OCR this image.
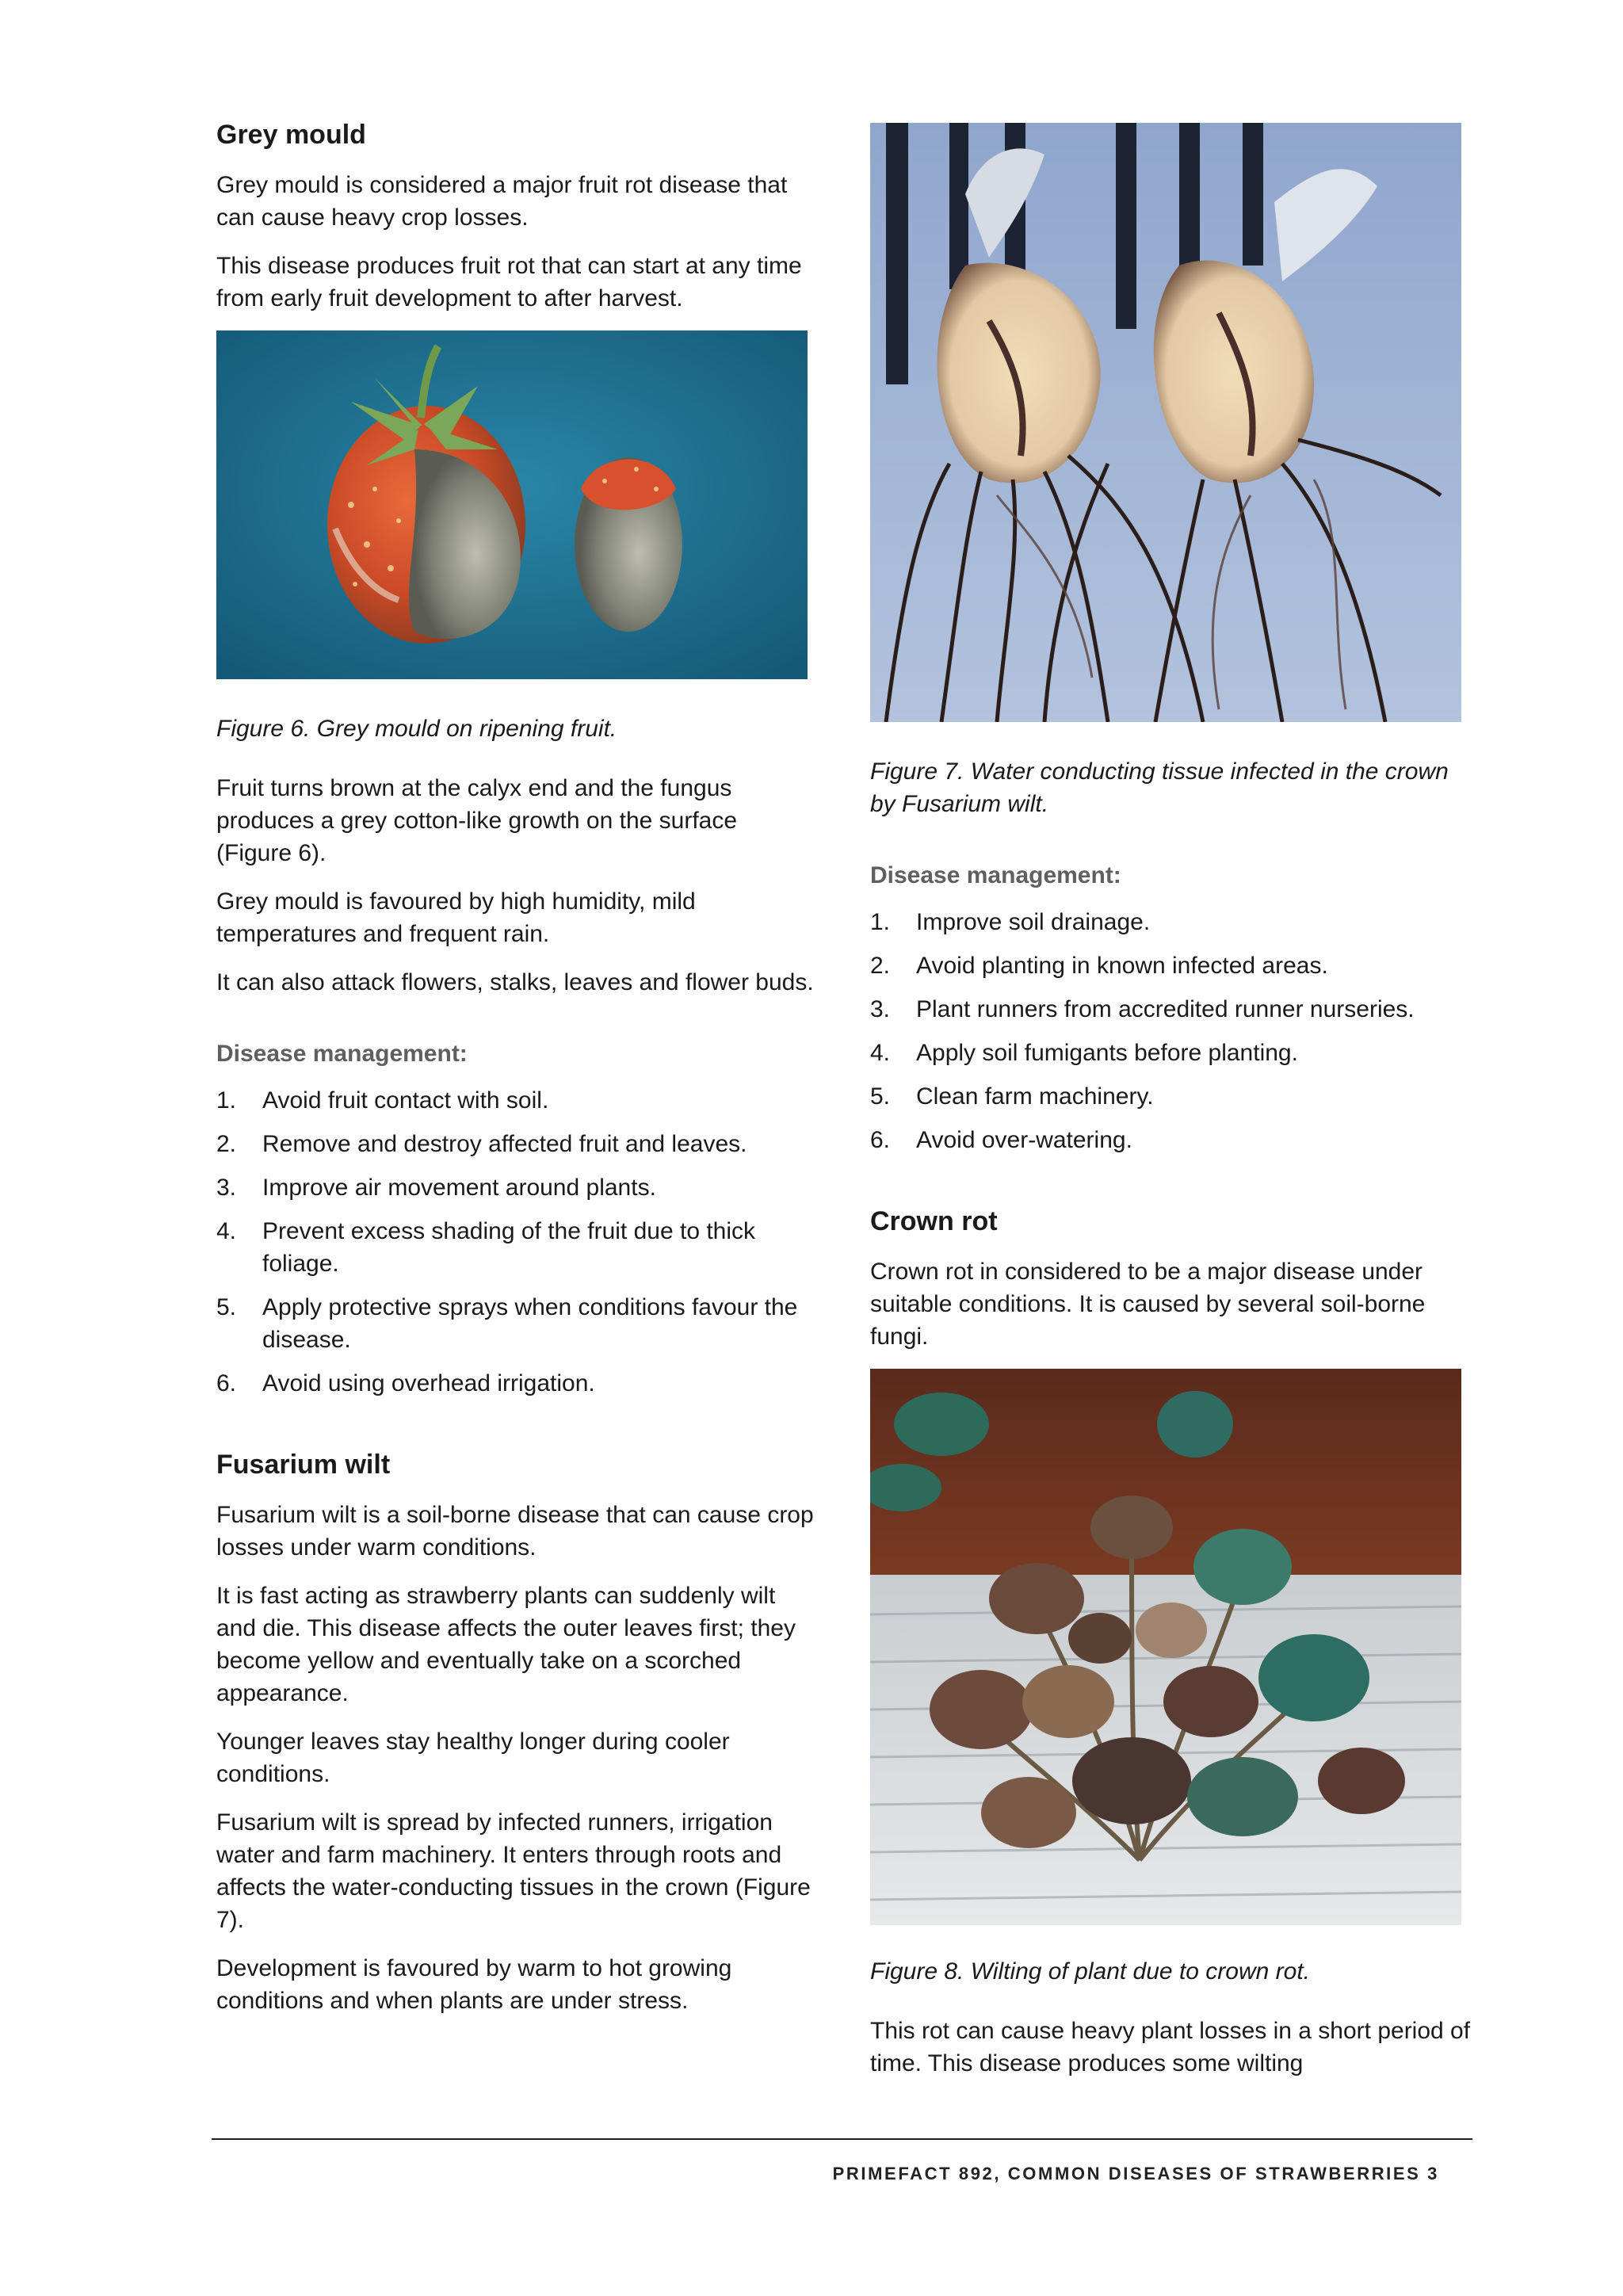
Grey mould

Grey mould is considered a major fruit rot disease that can cause heavy crop losses.

This disease produces fruit rot that can start at any time from early fruit development to after harvest.

Figure 6. Grey mould on ripening fruit.

Fruit turns brown at the calyx end and the fungus produces a grey cotton-like growth on the surface (Figure 6).

Grey mould is favoured by high humidity, mild temperatures and frequent rain.

It can also attack flowers, stalks, leaves and flower buds.

Disease management:
1.	Avoid fruit contact with soil.
2.	Remove and destroy affected fruit and leaves.
3.	Improve air movement around plants.
4.	Prevent excess shading of the fruit due to thick foliage.
5.	Apply protective sprays when conditions favour the disease.
6.	Avoid using overhead irrigation.
Fusarium wilt

Fusarium wilt is a soil-borne disease that can cause crop losses under warm conditions.

It is fast acting as strawberry plants can suddenly wilt and die. This disease affects the outer leaves first; they become yellow and eventually take on a scorched appearance.

Younger leaves stay healthy longer during cooler conditions.

Fusarium wilt is spread by infected runners, irrigation water and farm machinery. It enters through roots and affects the water-conducting tissues in the crown (Figure 7).

Development is favoured by warm to hot growing conditions and when plants are under stress.

Figure 7. Water conducting tissue infected in the crown by Fusarium wilt.

Disease management:
1.	Improve soil drainage.
2.	Avoid planting in known infected areas.
3.	Plant runners from accredited runner nurseries.
4.	Apply soil fumigants before planting.
5.	Clean farm machinery.
6.	Avoid over-watering.
Crown rot

Crown rot in considered to be a major disease under suitable conditions. It is caused by several soil-borne fungi.

Figure 8. Wilting of plant due to crown rot.

This rot can cause heavy plant losses in a short period of time. This disease produces some wilting

PRIMEFACT 892, COMMON DISEASES OF STRAWBERRIES 3
